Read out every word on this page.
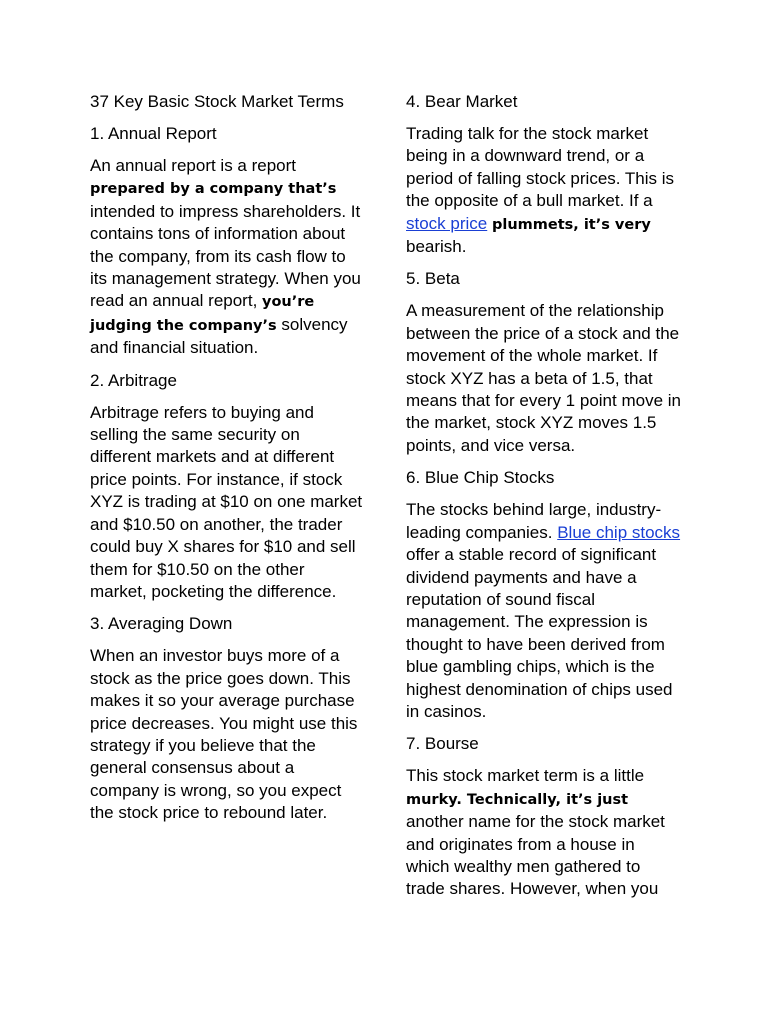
37 Key Basic Stock Market Terms
1. Annual Report

An annual report is a report prepared by a company that’s intended to impress shareholders. It contains tons of information about the company, from its cash flow to its management strategy. When you read an annual report, you’re judging the company’s solvency and financial situation.

2. Arbitrage

Arbitrage refers to buying and selling the same security on different markets and at different price points. For instance, if stock XYZ is trading at $10 on one market and $10.50 on another, the trader could buy X shares for $10 and sell them for $10.50 on the other market, pocketing the difference.

3. Averaging Down

When an investor buys more of a stock as the price goes down. This makes it so your average purchase price decreases. You might use this strategy if you believe that the general consensus about a company is wrong, so you expect the stock price to rebound later.

4. Bear Market

Trading talk for the stock market being in a downward trend, or a period of falling stock prices. This is the opposite of a bull market. If a stock price plummets, it’s very bearish.

5. Beta

A measurement of the relationship between the price of a stock and the movement of the whole market. If stock XYZ has a beta of 1.5, that means that for every 1 point move in the market, stock XYZ moves 1.5 points, and vice versa.

6. Blue Chip Stocks

The stocks behind large, industry-leading companies. Blue chip stocks offer a stable record of significant dividend payments and have a reputation of sound fiscal management. The expression is thought to have been derived from blue gambling chips, which is the highest denomination of chips used in casinos.

7. Bourse

This stock market term is a little murky. Technically, it’s just another name for the stock market and originates from a house in which wealthy men gathered to trade shares. However, when you
